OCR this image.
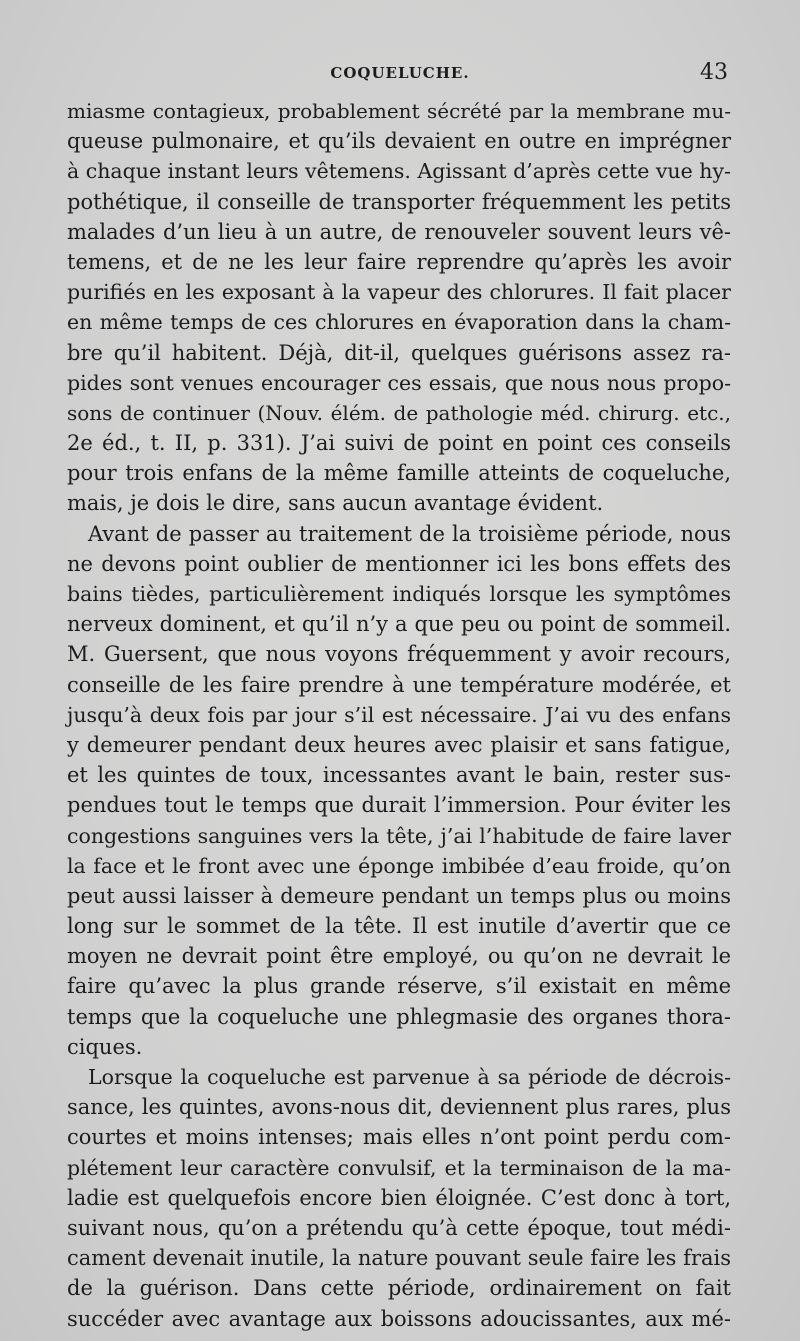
COQUELUCHE.	43
miasme contagieux, probablement sécrété par la membrane mu-
queuse pulmonaire, et qu’ils devaient en outre en imprégner
à chaque instant leurs vêtemens. Agissant d’après cette vue hy-
pothétique, il conseille de transporter fréquemment les petits
malades d’un lieu à un autre, de renouveler souvent leurs vê-
temens, et de ne les leur faire reprendre qu’après les avoir
purifiés en les exposant à la vapeur des chlorures. Il fait placer
en même temps de ces chlorures en évaporation dans la cham-
bre qu’il habitent. Déjà, dit-il, quelques guérisons assez ra-
pides sont venues encourager ces essais, que nous nous propo-
sons de continuer (Nouv. élém. de pathologie méd. chirurg. etc.,
2e éd., t. II, p. 331). J’ai suivi de point en point ces conseils
pour trois enfans de la même famille atteints de coqueluche,
mais, je dois le dire, sans aucun avantage évident.
Avant de passer au traitement de la troisième période, nous
ne devons point oublier de mentionner ici les bons effets des
bains tièdes, particulièrement indiqués lorsque les symptômes
nerveux dominent, et qu’il n’y a que peu ou point de sommeil.
M. Guersent, que nous voyons fréquemment y avoir recours,
conseille de les faire prendre à une température modérée, et
jusqu’à deux fois par jour s’il est nécessaire. J’ai vu des enfans
y demeurer pendant deux heures avec plaisir et sans fatigue,
et les quintes de toux, incessantes avant le bain, rester sus-
pendues tout le temps que durait l’immersion. Pour éviter les
congestions sanguines vers la tête, j’ai l’habitude de faire laver
la face et le front avec une éponge imbibée d’eau froide, qu’on
peut aussi laisser à demeure pendant un temps plus ou moins
long sur le sommet de la tête. Il est inutile d’avertir que ce
moyen ne devrait point être employé, ou qu’on ne devrait le
faire qu’avec la plus grande réserve, s’il existait en même
temps que la coqueluche une phlegmasie des organes thora-
ciques.
Lorsque la coqueluche est parvenue à sa période de décrois-
sance, les quintes, avons-nous dit, deviennent plus rares, plus
courtes et moins intenses; mais elles n’ont point perdu com-
plétement leur caractère convulsif, et la terminaison de la ma-
ladie est quelquefois encore bien éloignée. C’est donc à tort,
suivant nous, qu’on a prétendu qu’à cette époque, tout médi-
cament devenait inutile, la nature pouvant seule faire les frais
de la guérison. Dans cette période, ordinairement on fait
succéder avec avantage aux boissons adoucissantes, aux mé-
